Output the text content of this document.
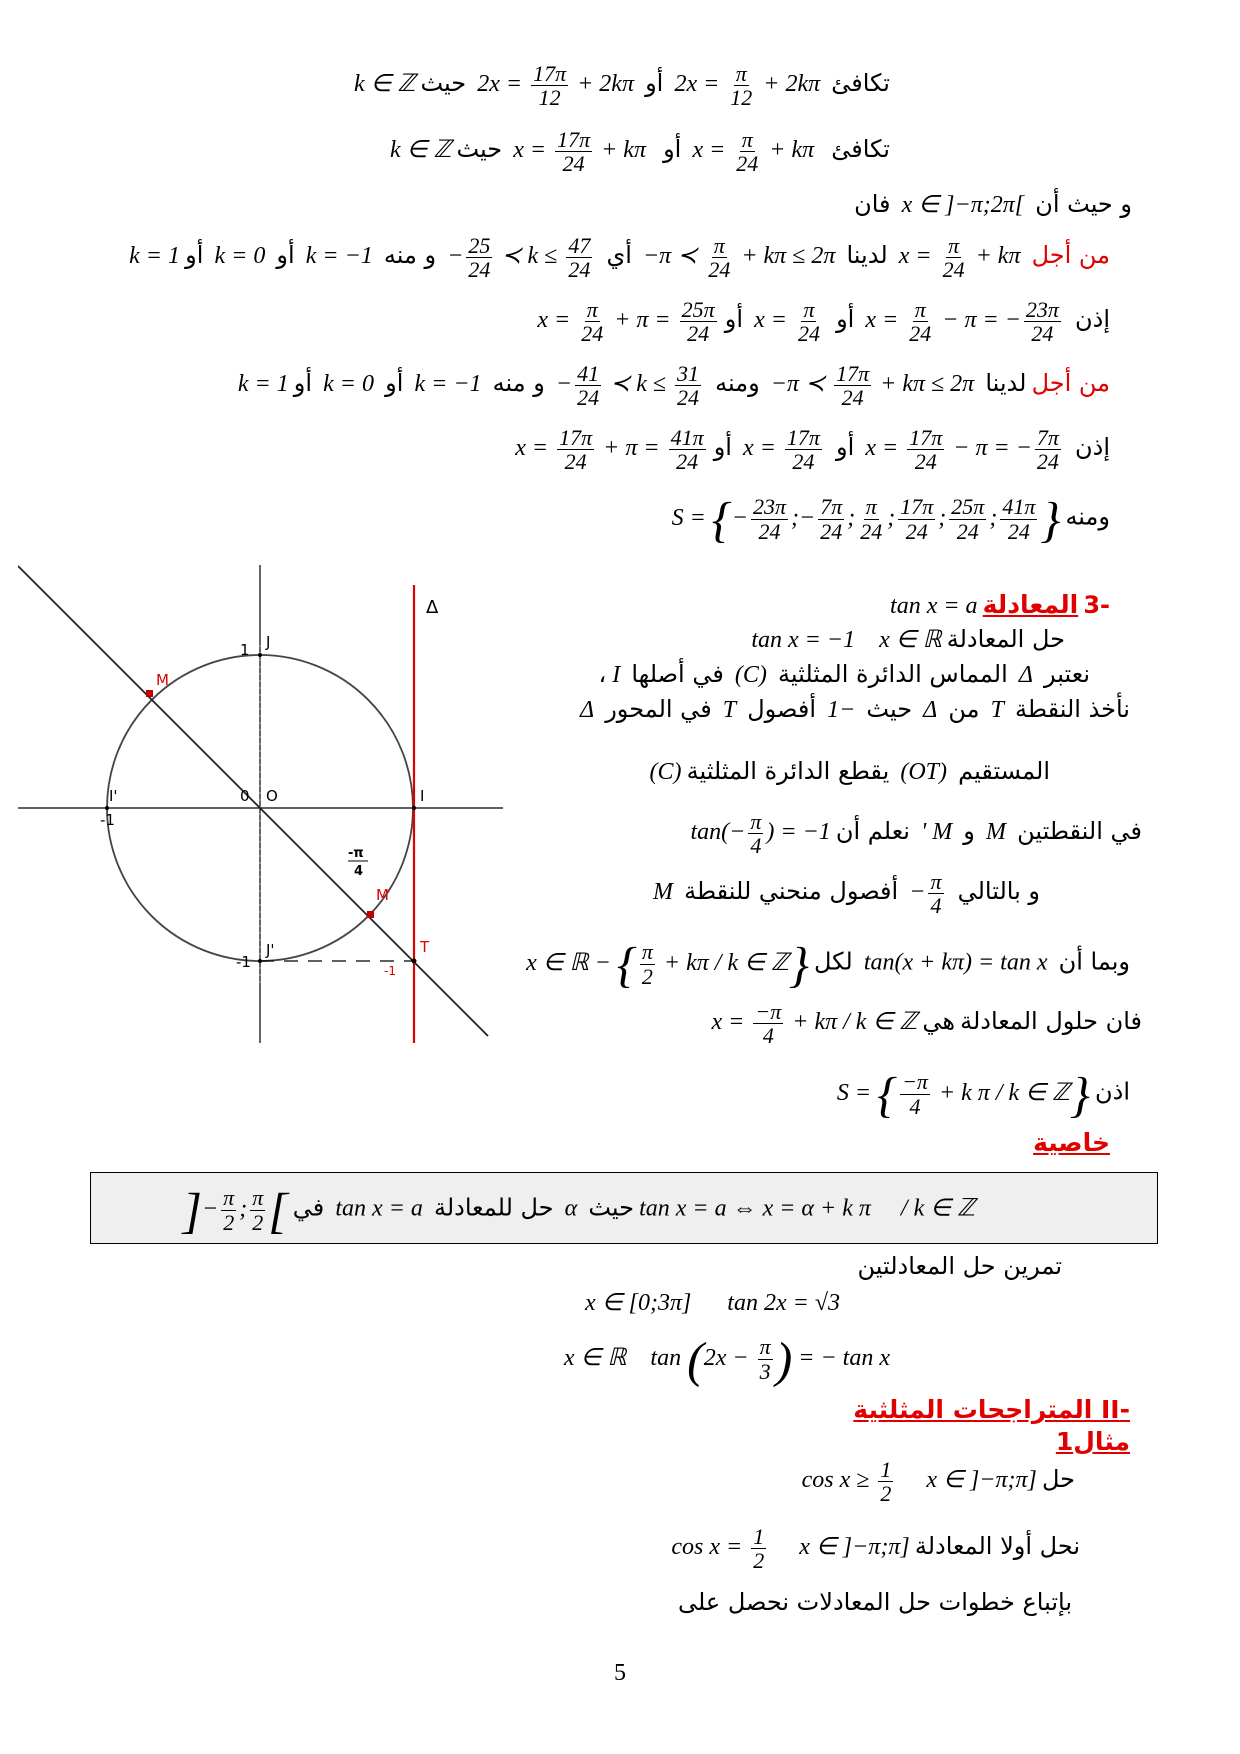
تكافئ  $2x = \frac{\pi}{12} + 2k\pi$  أو  $2x = \frac{17\pi}{12} + 2k\pi$  حيث  k ∈ ℤ
تكافئ  $x = \frac{\pi}{24} + k\pi$   أو  $x = \frac{17\pi}{24} + k\pi$   حيث  k ∈ ℤ
و حيث أن  x ∈ ]−π;2π[  فان
من أجل  $x = \frac{\pi}{24} + k\pi$  لدينا  −π ≺ $\frac{\pi}{24} + k\pi \le 2\pi$  أي  − $\frac{25}{24}$ ≺ $k \le \frac{47}{24}$
و منه  k = −1  أو  k = 0  أو  k = 1
إذن  $x = \frac{\pi}{24} - \pi$ = − $\frac{23\pi}{24}$
أو  $x = \frac{\pi}{24}$
أو  $x = \frac{\pi}{24} + \pi = \frac{25\pi}{24}$
من أجل لدينا  −π ≺ $\frac{17\pi}{24} + k\pi \le 2\pi$  ومنه  − $\frac{41}{24}$ ≺ $k \le \frac{31}{24}$
و منه  k = −1  أو  k = 0  أو  k = 1
إذن  $x = \frac{17\pi}{24} - \pi$ = − $\frac{7\pi}{24}$
أو  $x = \frac{17\pi}{24}$
أو  $x = \frac{17\pi}{24} + \pi = \frac{41\pi}{24}$
ومنه  S = {− $\frac{23\pi}{24}$ ;− $\frac{7\pi}{24}$ ; $\frac{\pi}{24}$ ; $\frac{17\pi}{24}$ ; $\frac{25\pi}{24}$ ; $\frac{41\pi}{24}$ }
J
M
I'	0 O	I
-1
M
T
J'
-1
1
-1
Δ
-π
4
-3 المعادلة   tan x = a
حل المعادلة   tan x = −1    x ∈ ℝ
نعتبر  Δ  المماس الدائرة المثلثية  (C)  في أصلها  I ،
نأخذ النقطة  T  من  Δ  حيث  −1  أفصول  T  في المحور  Δ
المستقيم  (OT)  يقطع الدائرة المثلثية  (C)
في النقطتين  M  و  M '  نعلم أن  $\tan(- \frac{\pi}{4}$ ) = −1
و بالتالي  − $\frac{\pi}{4}$
أفصول منحني للنقطة  M
وبما أن  tan(x + kπ) = tan x  لكل  x ∈ ℝ − { $\frac{\pi}{2} + k\pi / k$ ∈ ℤ}
فان حلول المعادلة هي  $x = \frac{-\pi}{4} + k\pi / k$ ∈ ℤ
اذن  S = { $\frac{-\pi}{4} + k$ π / k ∈ ℤ}
خاصية
tan x = a ⇔ x = α + k π     / k ∈ ℤ   حيث  α  حل للمعادلة  tan x = a  في  ]− $\frac{\pi}{2}$ ; $\frac{\pi}{2}$ [
تمرين حل المعادلتين
x ∈ [0;3π]      tan 2x = √3
x ∈ ℝ    $\tan (2x - \frac{\pi}{3}$ ) = − tan x
-II المتراجحات المثلثية
مثال1
حل  $\cos x \ge \frac{1}{2}$ x ∈ ]−π;π]
نحل أولا المعادلة  $\cos x = \frac{1}{2}$ x ∈ ]−π;π]
بإتباع خطوات حل المعادلات نحصل على
5
